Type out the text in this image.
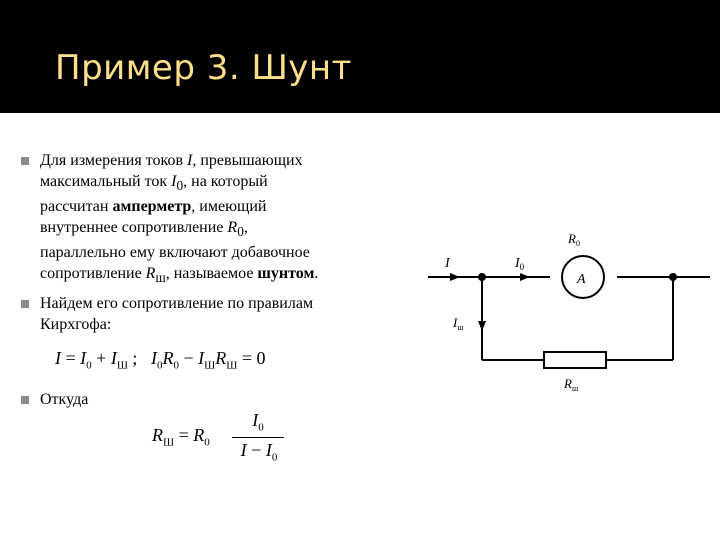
Пример 3. Шунт
Для измерения токов I, превышающих
максимальный ток $I_0$, на который
рассчитан амперметр, имеющий
внутреннее сопротивление $R_0$,
параллельно ему включают добавочное
сопротивление $R_ш$, называемое шунтом.
Найдем его сопротивление по правилам
Кирхгофа:
$I = I_0 + I_Ш$ ;   $I_0R_0 - I_ШR_Ш = 0$
Откуда
$R_Ш = R_0$
$I_0$
$I - I_0$
I	$I_0$
$R_0$
A
$I_ш$
$R_ш$
